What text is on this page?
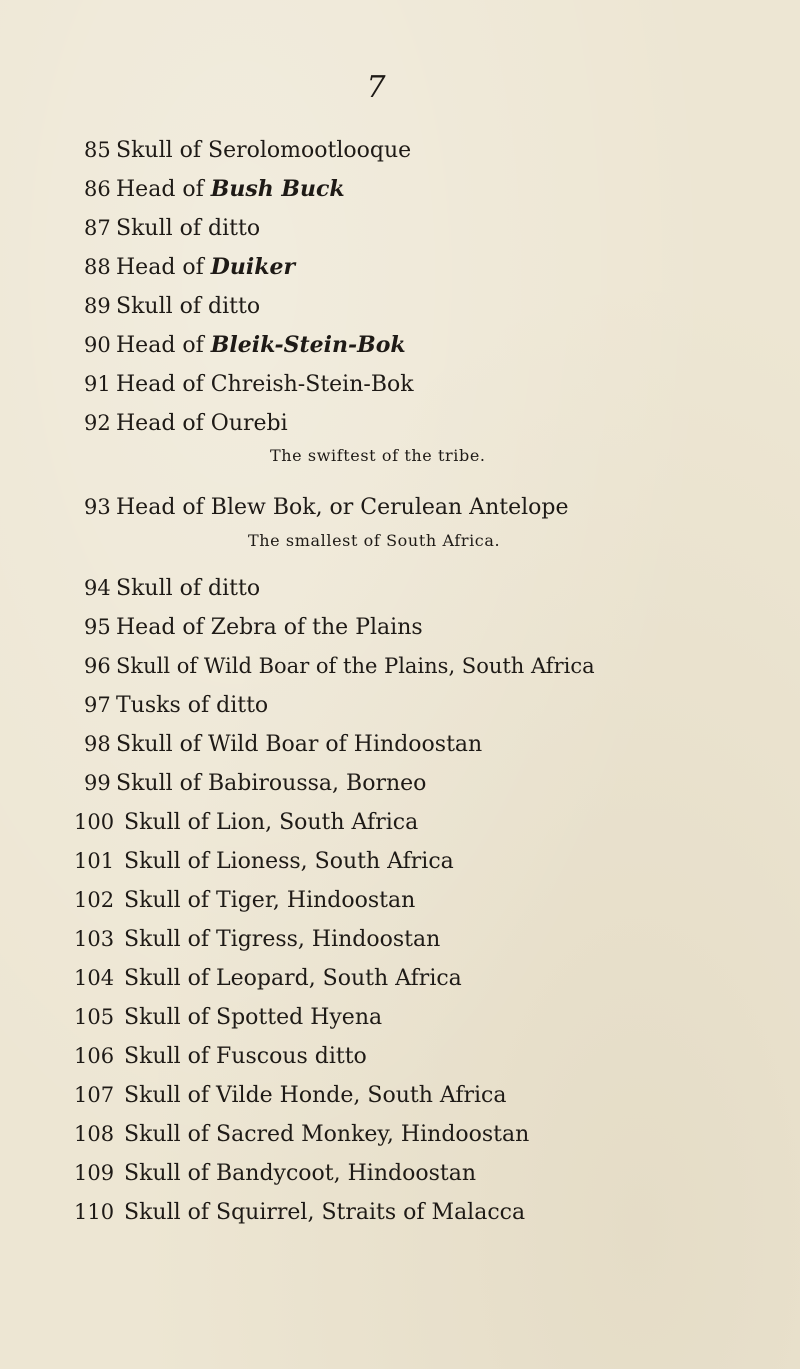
7
85 Skull of Serolomootlooque
86 Head of Bush Buck
87 Skull of ditto
88 Head of Duiker
89 Skull of ditto
90 Head of Bleik-Stein-Bok
91 Head of Chreish-Stein-Bok
92 Head of Ourebi
The swiftest of the tribe.
93 Head of Blew Bok, or Cerulean Antelope
The smallest of South Africa.
94 Skull of ditto
95 Head of Zebra of the Plains
96 Skull of Wild Boar of the Plains, South Africa
97 Tusks of ditto
98 Skull of Wild Boar of Hindoostan
99 Skull of Babiroussa, Borneo
100 Skull of Lion, South Africa
101 Skull of Lioness, South Africa
102 Skull of Tiger, Hindoostan
103 Skull of Tigress, Hindoostan
104 Skull of Leopard, South Africa
105 Skull of Spotted Hyena
106 Skull of Fuscous ditto
107 Skull of Vilde Honde, South Africa
108 Skull of Sacred Monkey, Hindoostan
109 Skull of Bandycoot, Hindoostan
110 Skull of Squirrel, Straits of Malacca
